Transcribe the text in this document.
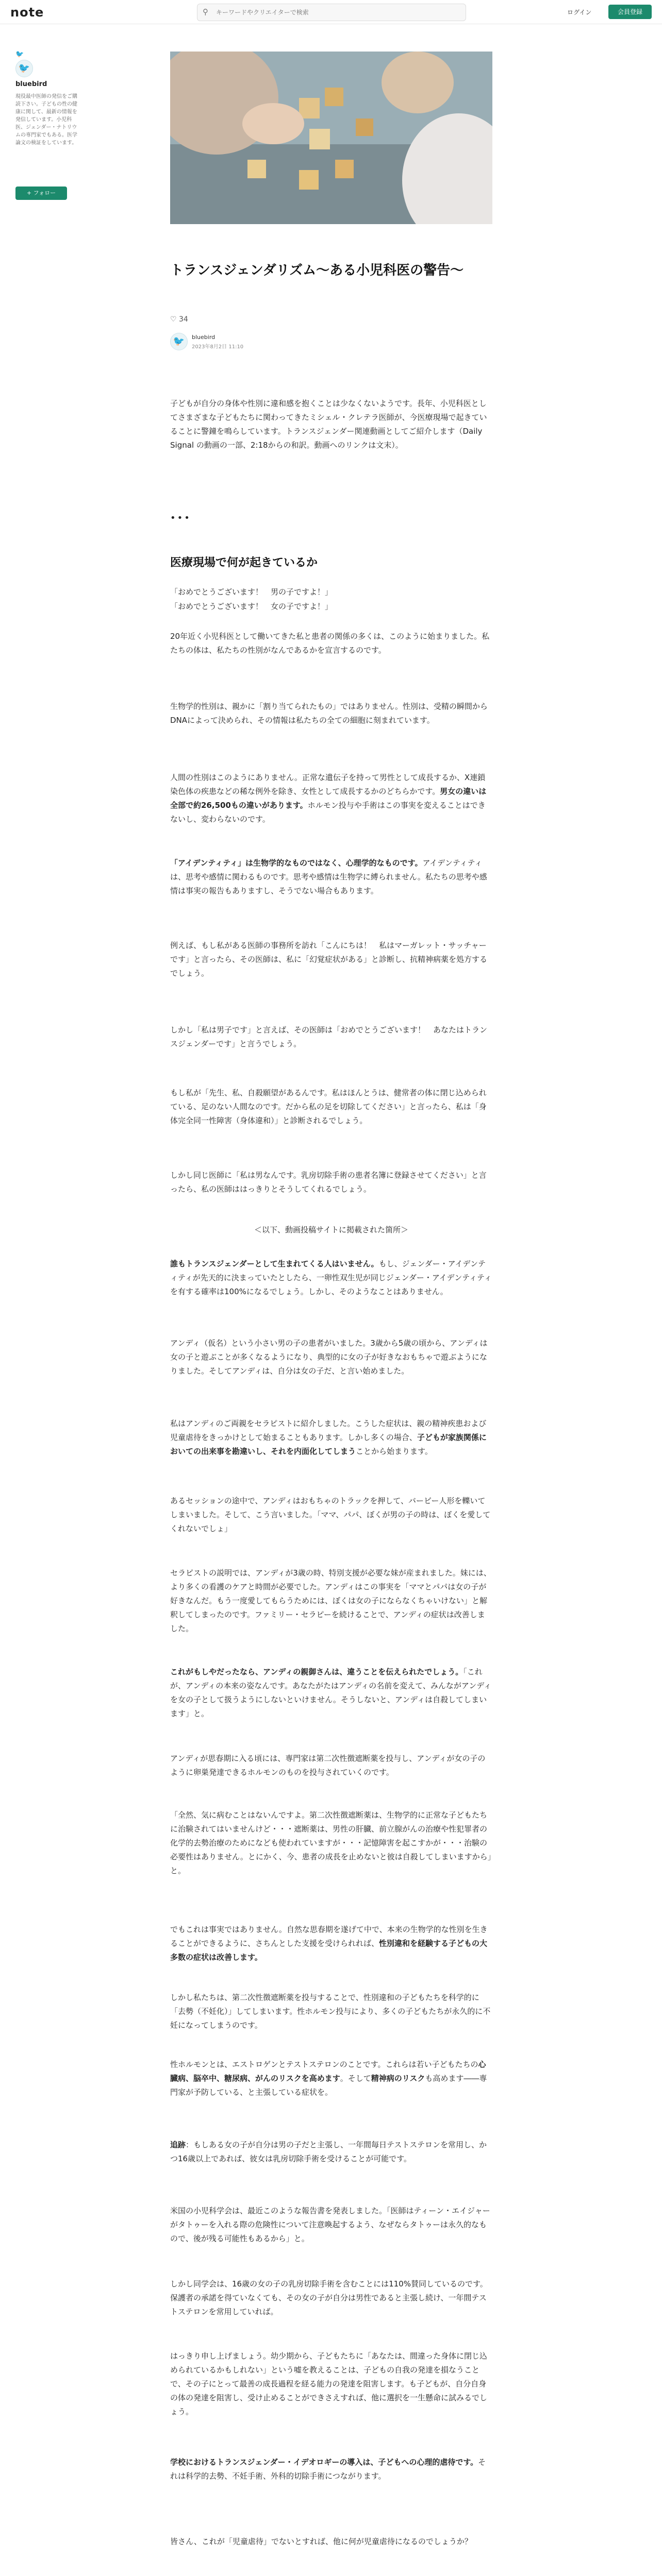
note	⚲
キーワードやクリエイターで検索	ログイン	会員登録
🐦
🐦
bluebird
現役最中医師の発信をご購読下さい。子どもの性の健康に関して、最新の情報を発信しています。小児科医、ジェンダー・ナトリウムの専門家でもある。医学論文の検証をしています。
+ フォロー
トランスジェンダリズム〜ある小児科医の警告〜
♡ 34
🐦	bluebird
2023年8月2日 11:10
子どもが自分の身体や性別に違和感を抱くことは少なくないようです。長年、小児科医としてさまざまな子どもたちに関わってきたミシェル・クレテラ医師が、今医療現場で起きていることに警鐘を鳴らしています。トランスジェンダー関連動画としてご紹介します（Daily Signal の動画の一部、2:18からの和訳。動画へのリンクは文末）。
•••
医療現場で何が起きているか
「おめでとうございます！　男の子ですよ！」
「おめでとうございます！　女の子ですよ！」
20年近く小児科医として働いてきた私と患者の関係の多くは、このように始まりました。私たちの体は、私たちの性別がなんであるかを宣言するのです。
生物学的性別は、親かに「割り当てられたもの」ではありません。性別は、受精の瞬間からDNAによって決められ、その情報は私たちの全ての細胞に刻まれています。
人間の性別はこのようにありません。正常な遺伝子を持って男性として成長するか、X連鎖染色体の疾患などの稀な例外を除き、女性として成長するかのどちらかです。男女の違いは全部で約26,500もの違いがあります。ホルモン投与や手術はこの事実を変えることはできないし、変わらないのです。
「アイデンティティ」は生物学的なものではなく、心理学的なものです。アイデンティティは、思考や感情に関わるものです。思考や感情は生物学に縛られません。私たちの思考や感情は事実の報告もありますし、そうでない場合もあります。
例えば、もし私がある医師の事務所を訪れ「こんにちは！　私はマーガレット・サッチャーです」と言ったら、その医師は、私に「幻覚症状がある」と診断し、抗精神病薬を処方するでしょう。
しかし「私は男子です」と言えば、その医師は「おめでとうございます！　あなたはトランスジェンダーです」と言うでしょう。
もし私が「先生、私、自殺願望があるんです。私はほんとうは、健常者の体に閉じ込められている、足のない人間なのです。だから私の足を切除してください」と言ったら、私は「身体完全同一性障害（身体違和）」と診断されるでしょう。
しかし同じ医師に「私は男なんです。乳房切除手術の患者名簿に登録させてください」と言ったら、私の医師ははっきりとそうしてくれるでしょう。
＜以下、動画投稿サイトに掲載された箇所＞
誰もトランスジェンダーとして生まれてくる人はいません。もし、ジェンダー・アイデンティティが先天的に決まっていたとしたら、一卵性双生児が同じジェンダー・アイデンティティを有する確率は100%になるでしょう。しかし、そのようなことはありません。
アンディ（仮名）という小さい男の子の患者がいました。3歳から5歳の頃から、アンディは女の子と遊ぶことが多くなるようになり、典型的に女の子が好きなおもちゃで遊ぶようになりました。そしてアンディは、自分は女の子だ、と言い始めました。
私はアンディのご両親をセラピストに紹介しました。こうした症状は、親の精神疾患および児童虐待をきっかけとして始まることもあります。しかし多くの場合、子どもが家族関係においての出来事を勘違いし、それを内面化してしまうことから始まります。
あるセッションの途中で、アンディはおもちゃのトラックを押して、バービー人形を轢いてしまいました。そして、こう言いました。「ママ、パパ、ぼくが男の子の時は、ぼくを愛してくれないでしょ」
セラピストの説明では、アンディが3歳の時、特別支援が必要な妹が産まれました。妹には、より多くの看護のケアと時間が必要でした。アンディはこの事実を「ママとパパは女の子が好きなんだ。もう一度愛してもらうためには、ぼくは女の子にならなくちゃいけない」と解釈してしまったのです。ファミリー・セラピーを続けることで、アンディの症状は改善しました。
これがもしやだったなら、アンディの親御さんは、違うことを伝えられたでしょう。「これが、アンディの本来の姿なんです。あなたがたはアンディの名前を変えて、みんながアンディを女の子として扱うようにしないといけません。そうしないと、アンディは自殺してしまいます」と。
アンディが思春期に入る頃には、専門家は第二次性徴遮断薬を投与し、アンディが女の子のように卵巣発達できるホルモンのものを投与されていくのです。
「全然、気に病むことはないんですよ。第二次性徴遮断薬は、生物学的に正常な子どもたちに治験されてはいませんけど・・・遮断薬は、男性の肝臓、前立腺がんの治療や性犯罪者の化学的去勢治療のためになども使われていますが・・・記憶障害を起こすかが・・・治験の必要性はありません。とにかく、今、患者の成長を止めないと彼は自殺してしまいますから」と。
でもこれは事実ではありません。自然な思春期を遂げて中で、本来の生物学的な性別を生きることができるように、さちんとした支援を受けられれば、性別違和を経験する子どもの大多数の症状は改善します。
しかし私たちは、第二次性徴遮断薬を投与することで、性別違和の子どもたちを科学的に「去勢（不妊化）」してしまいます。性ホルモン投与により、多くの子どもたちが永久的に不妊になってしまうのです。
性ホルモンとは、エストロゲンとテストステロンのことです。これらは若い子どもたちの心臓病、脳卒中、糖尿病、がんのリスクを高めます。そして精神病のリスクも高めます――専門家が予防している、と主張している症状を。
追跡：もしある女の子が自分は男の子だと主張し、一年間毎日テストステロンを常用し、かつ16歳以上であれば、彼女は乳房切除手術を受けることが可能です。
米国の小児科学会は、最近このような報告書を発表しました。「医師はティーン・エイジャーがタトゥーを入れる際の危険性について注意喚起するよう、なぜならタトゥーは永久的なもので、後が残る可能性もあるから」と。
しかし同学会は、16歳の女の子の乳房切除手術を含むことには110%賛同しているのです。保護者の承諾を得ていなくても、その女の子が自分は男性であると主張し続け、一年間テストステロンを常用していれば。
はっきり申し上げましょう。幼少期から、子どもたちに「あなたは、間違った身体に閉じ込められているかもしれない」という嘘を教えることは、子どもの自我の発達を損なうことで、その子にとって最善の成長過程を経る能力の発達を阻害します。も子どもが、自分自身の体の発達を阻害し、受け止めることができさえすれば、他に選択を一生懸命に試みるでしょう。
学校におけるトランスジェンダー・イデオロギーの導入は、子どもへの心理的虐待です。それは科学的去勢、不妊手術、外科的切除手術につながります。
皆さん、これが「児童虐待」でないとすれば、他に何が児童虐待になるのでしょうか？
